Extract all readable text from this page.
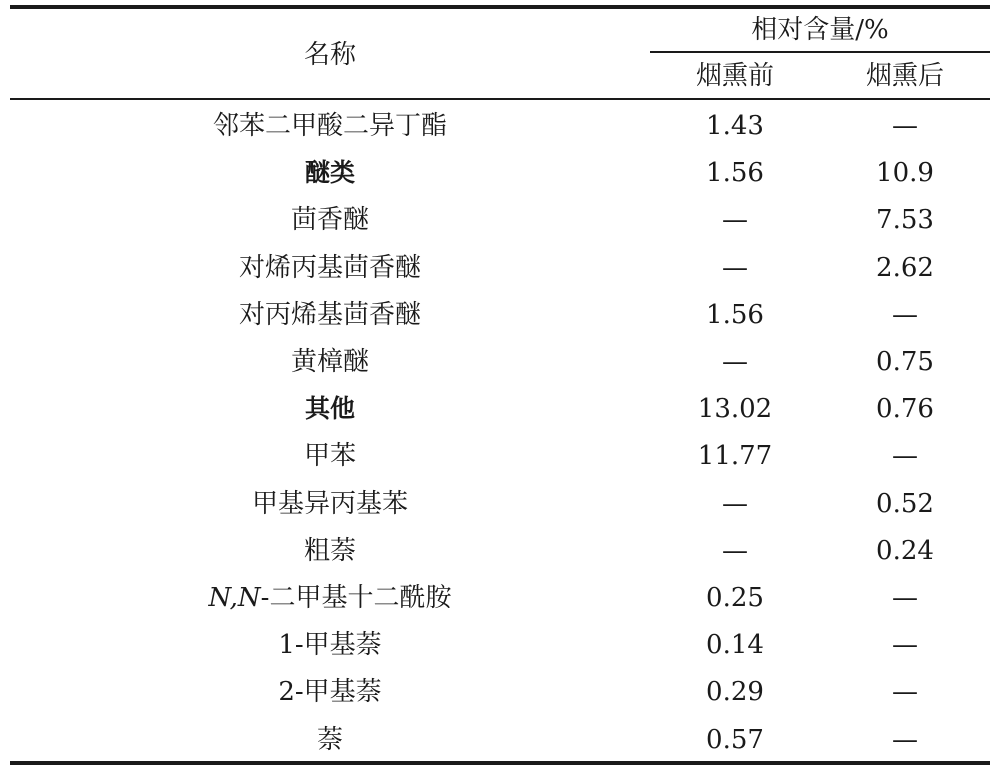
名称
相对含量/%
烟熏前	烟熏后
邻苯二甲酸二异丁酯	1.43	—
醚类	1.56	10.9
茴香醚	—	7.53
对烯丙基茴香醚	—	2.62
对丙烯基茴香醚	1.56	—
黄樟醚	—	0.75
其他	13.02	0.76
甲苯	11.77	—
甲基异丙基苯	—	0.52
粗萘	—	0.24
N,N-二甲基十二酰胺	0.25	—
1-甲基萘	0.14	—
2-甲基萘	0.29	—
萘	0.57	—
